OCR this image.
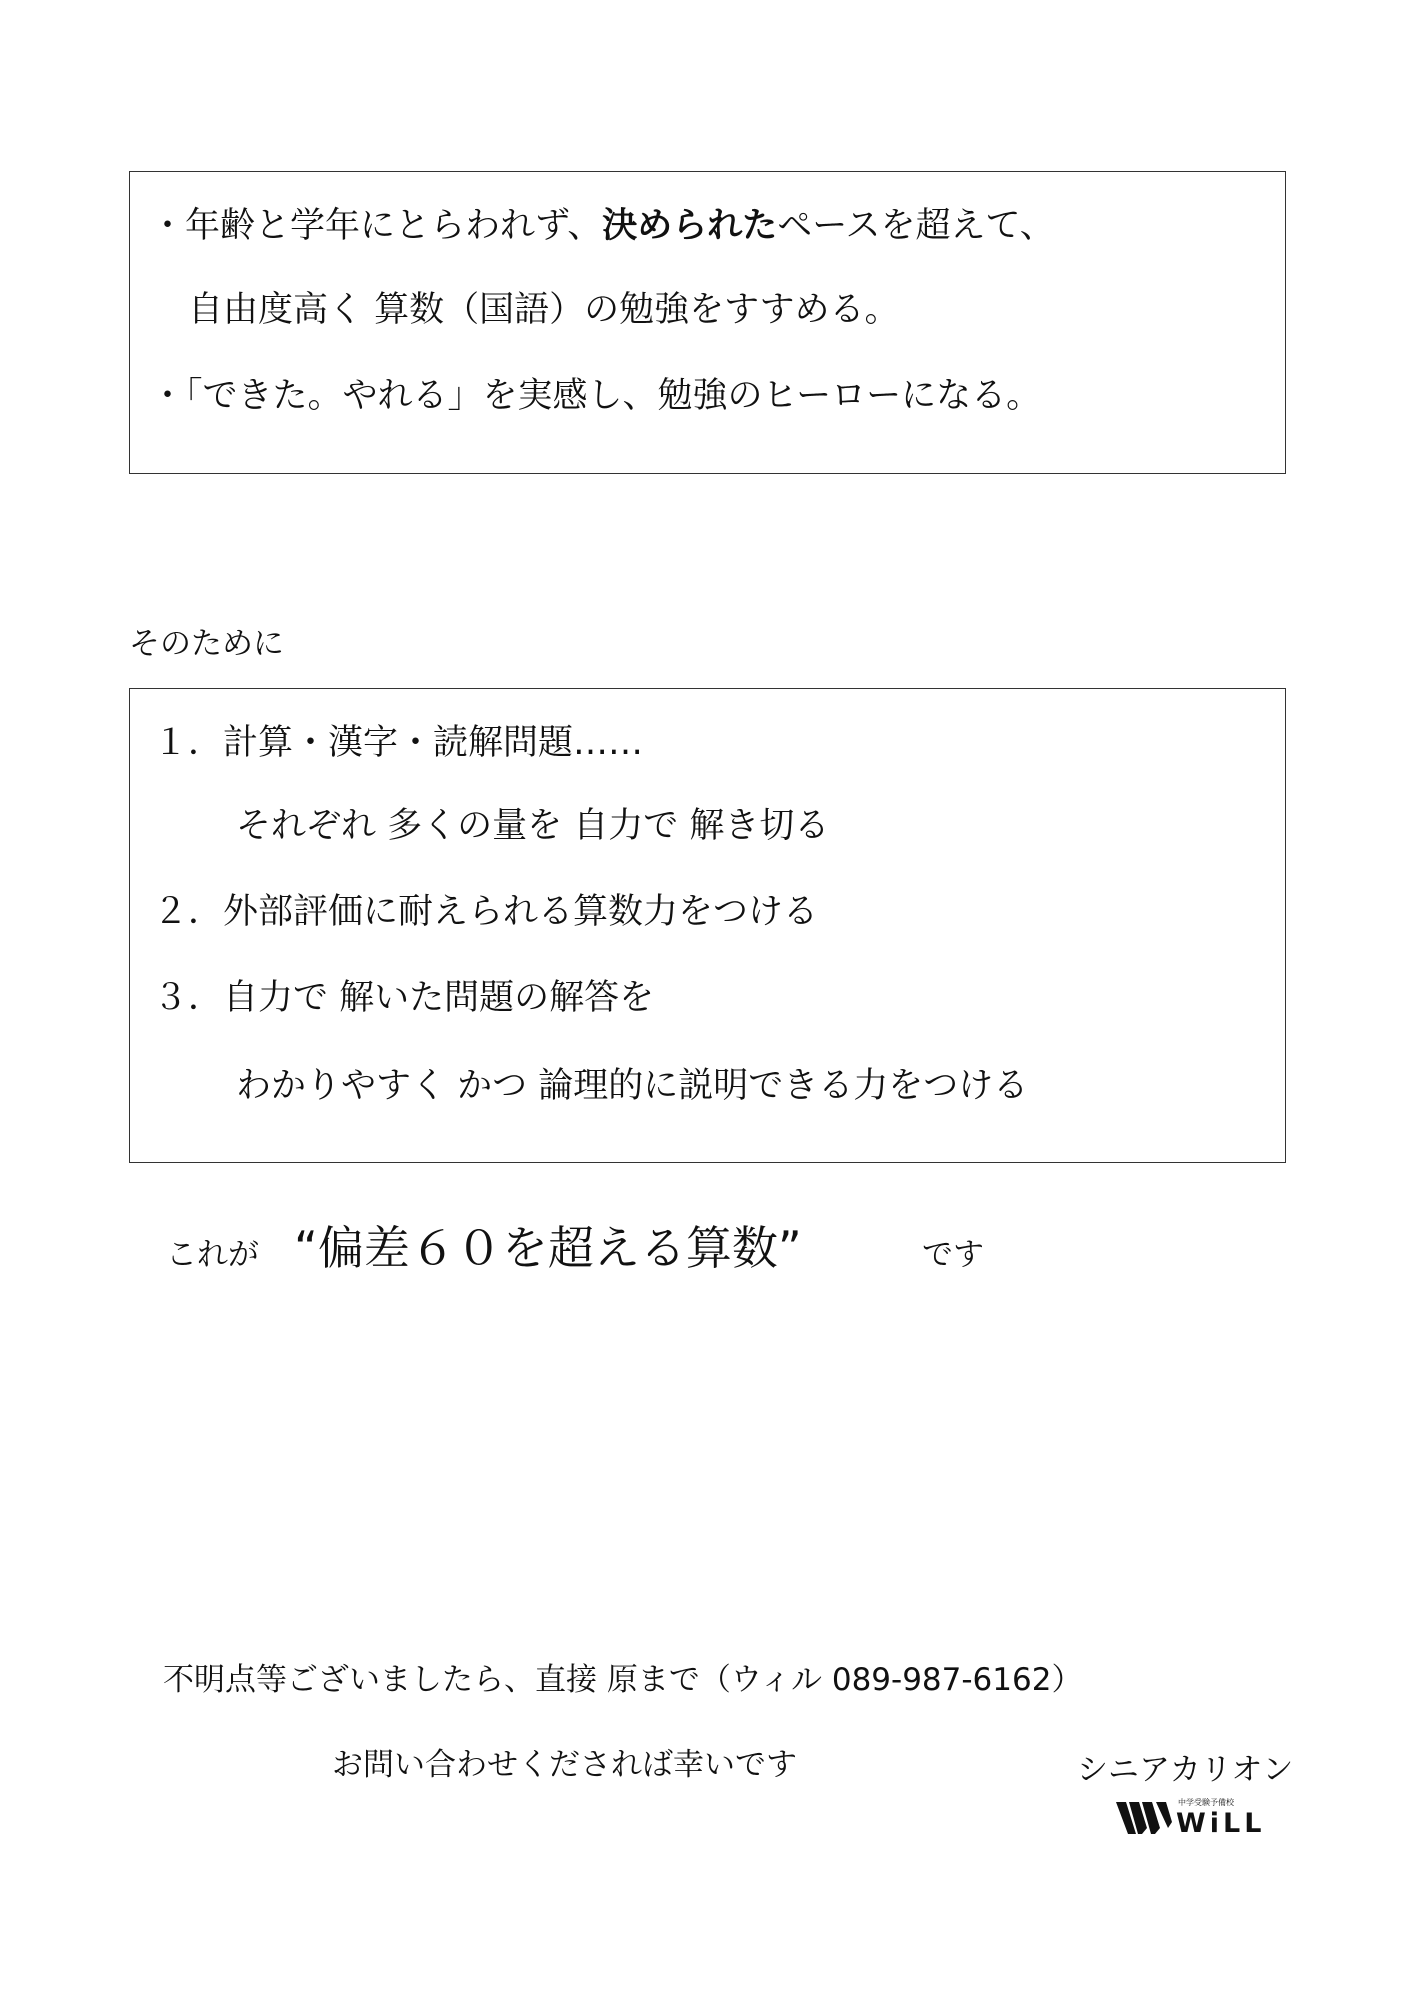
・年齢と学年にとらわれず、決められたペースを超えて、
自由度高く 算数（国語）の勉強をすすめる。
・「できた。やれる」を実感し、勉強のヒーローになる。
そのために
１．計算・漢字・読解問題……
それぞれ 多くの量を 自力で 解き切る
２．外部評価に耐えられる算数力をつける
３．自力で 解いた問題の解答を
わかりやすく かつ 論理的に説明できる力をつける
これが “偏差６０を超える算数”	です
不明点等ございましたら、直接 原まで（ウィル 089-987-6162）
お問い合わせくだされば幸いです	シニアカリオン
中学受験予備校
WiLL
